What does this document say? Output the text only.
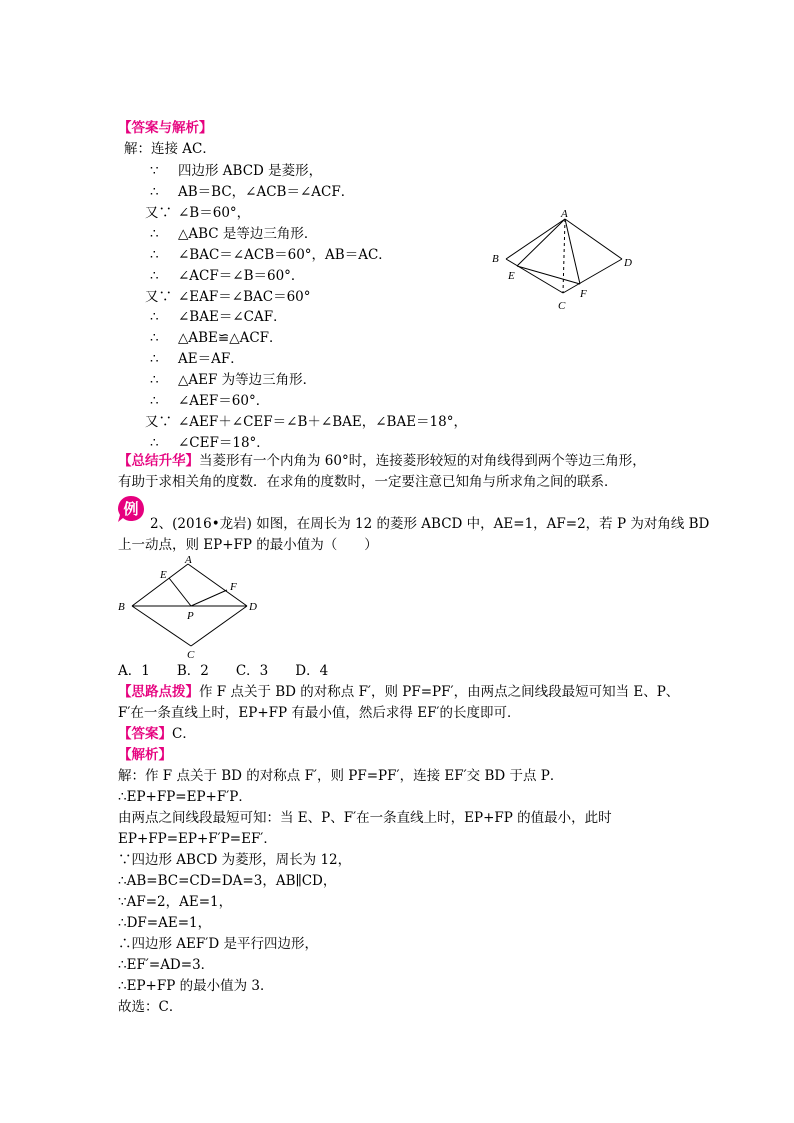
【答案与解析】
解：连接 AC．
∵ 四边形 ABCD 是菱形，
∴ AB＝BC，∠ACB＝∠ACF．
又∵ ∠B＝60°，
∴ △ABC 是等边三角形．
∴ ∠BAC＝∠ACB＝60°，AB＝AC．
∴ ∠ACF＝∠B＝60°．
又∵ ∠EAF＝∠BAC＝60°
∴ ∠BAE＝∠CAF．
∴ △ABE≌△ACF．
∴ AE＝AF．
∴ △AEF 为等边三角形．
∴ ∠AEF＝60°．
又∵ ∠AEF＋∠CEF＝∠B＋∠BAE，∠BAE＝18°，
∴ ∠CEF＝18°．
A
B
E
C
F
D
【总结升华】当菱形有一个内角为 60°时，连接菱形较短的对角线得到两个等边三角形，
有助于求相关角的度数．在求角的度数时，一定要注意已知角与所求角之间的联系．
例
2、(2016•龙岩) 如图，在周长为 12 的菱形 ABCD 中，AE=1，AF=2，若 P 为对角线 BD
上一动点，则 EP+FP 的最小值为（　　）
A
E
F
B
P
D
C
A．1　　B．2　　C．3　　D．4
【思路点拨】作 F 点关于 BD 的对称点 F′，则 PF=PF′，由两点之间线段最短可知当 E、P、
F′在一条直线上时，EP+FP 有最小值，然后求得 EF′的长度即可．
【答案】C．
【解析】
解：作 F 点关于 BD 的对称点 F′，则 PF=PF′，连接 EF′交 BD 于点 P．
∴EP+FP=EP+F′P．
由两点之间线段最短可知：当 E、P、F′在一条直线上时，EP+FP 的值最小，此时
EP+FP=EP+F′P=EF′．
∵四边形 ABCD 为菱形，周长为 12，
∴AB=BC=CD=DA=3，AB∥CD，
∵AF=2，AE=1，
∴DF=AE=1，
∴四边形 AEF′D 是平行四边形，
∴EF′=AD=3．
∴EP+FP 的最小值为 3．
故选：C．
